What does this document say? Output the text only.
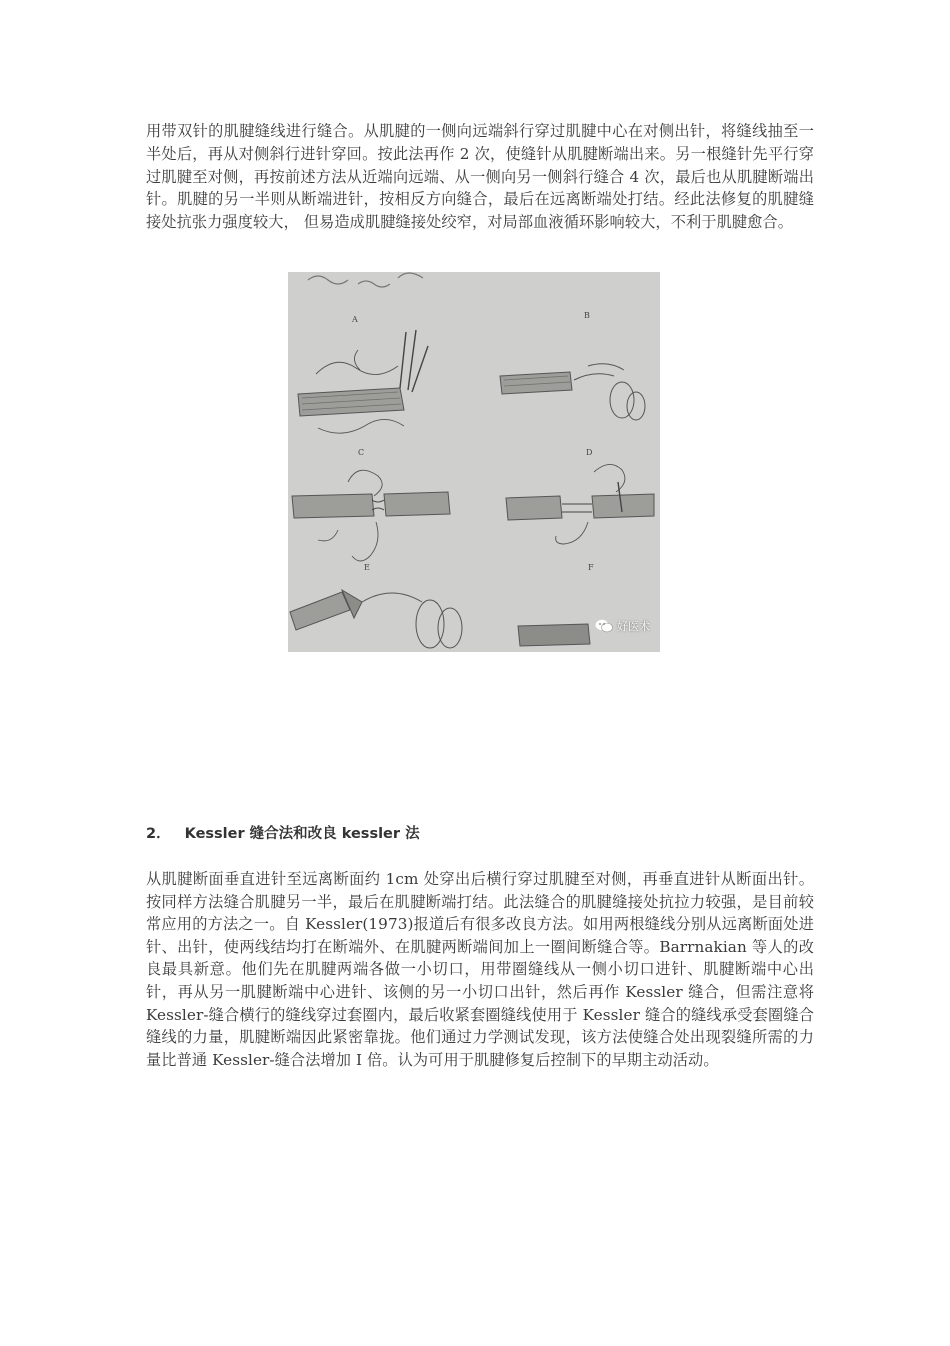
用带双针的肌腱缝线进行缝合。从肌腱的一侧向远端斜行穿过肌腱中心在对侧出针，将缝线抽至一半处后，再从对侧斜行进针穿回。按此法再作 2 次，使缝针从肌腱断端出来。另一根缝针先平行穿过肌腱至对侧，再按前述方法从近端向远端、从一侧向另一侧斜行缝合 4 次，最后也从肌腱断端出针。肌腱的另一半则从断端进针，按相反方向缝合，最后在远离断端处打结。经此法修复的肌腱缝接处抗张力强度较大， 但易造成肌腱缝接处绞窄，对局部血液循环影响较大，不利于肌腱愈合。

A	B
C	D
E	F
好医术
2． Kessler 缝合法和改良 kessler 法

从肌腱断面垂直进针至远离断面约 1cm 处穿出后横行穿过肌腱至对侧，再垂直进针从断面出针。按同样方法缝合肌腱另一半，最后在肌腱断端打结。此法缝合的肌腱缝接处抗拉力较强，是目前较常应用的方法之一。自 Kessler(1973)报道后有很多改良方法。如用两根缝线分别从远离断面处进针、出针，使两线结均打在断端外、在肌腱两断端间加上一圈间断缝合等。Barrnakian 等人的改良最具新意。他们先在肌腱两端各做一小切口，用带圈缝线从一侧小切口进针、肌腱断端中心出针，再从另一肌腱断端中心进针、该侧的另一小切口出针，然后再作 Kessler 缝合，但需注意将 Kessler-缝合横行的缝线穿过套圈内，最后收紧套圈缝线使用于 Kessler 缝合的缝线承受套圈缝合缝线的力量，肌腱断端因此紧密靠拢。他们通过力学测试发现，该方法使缝合处出现裂缝所需的力量比普通 Kessler-缝合法增加 I 倍。认为可用于肌腱修复后控制下的早期主动活动。
